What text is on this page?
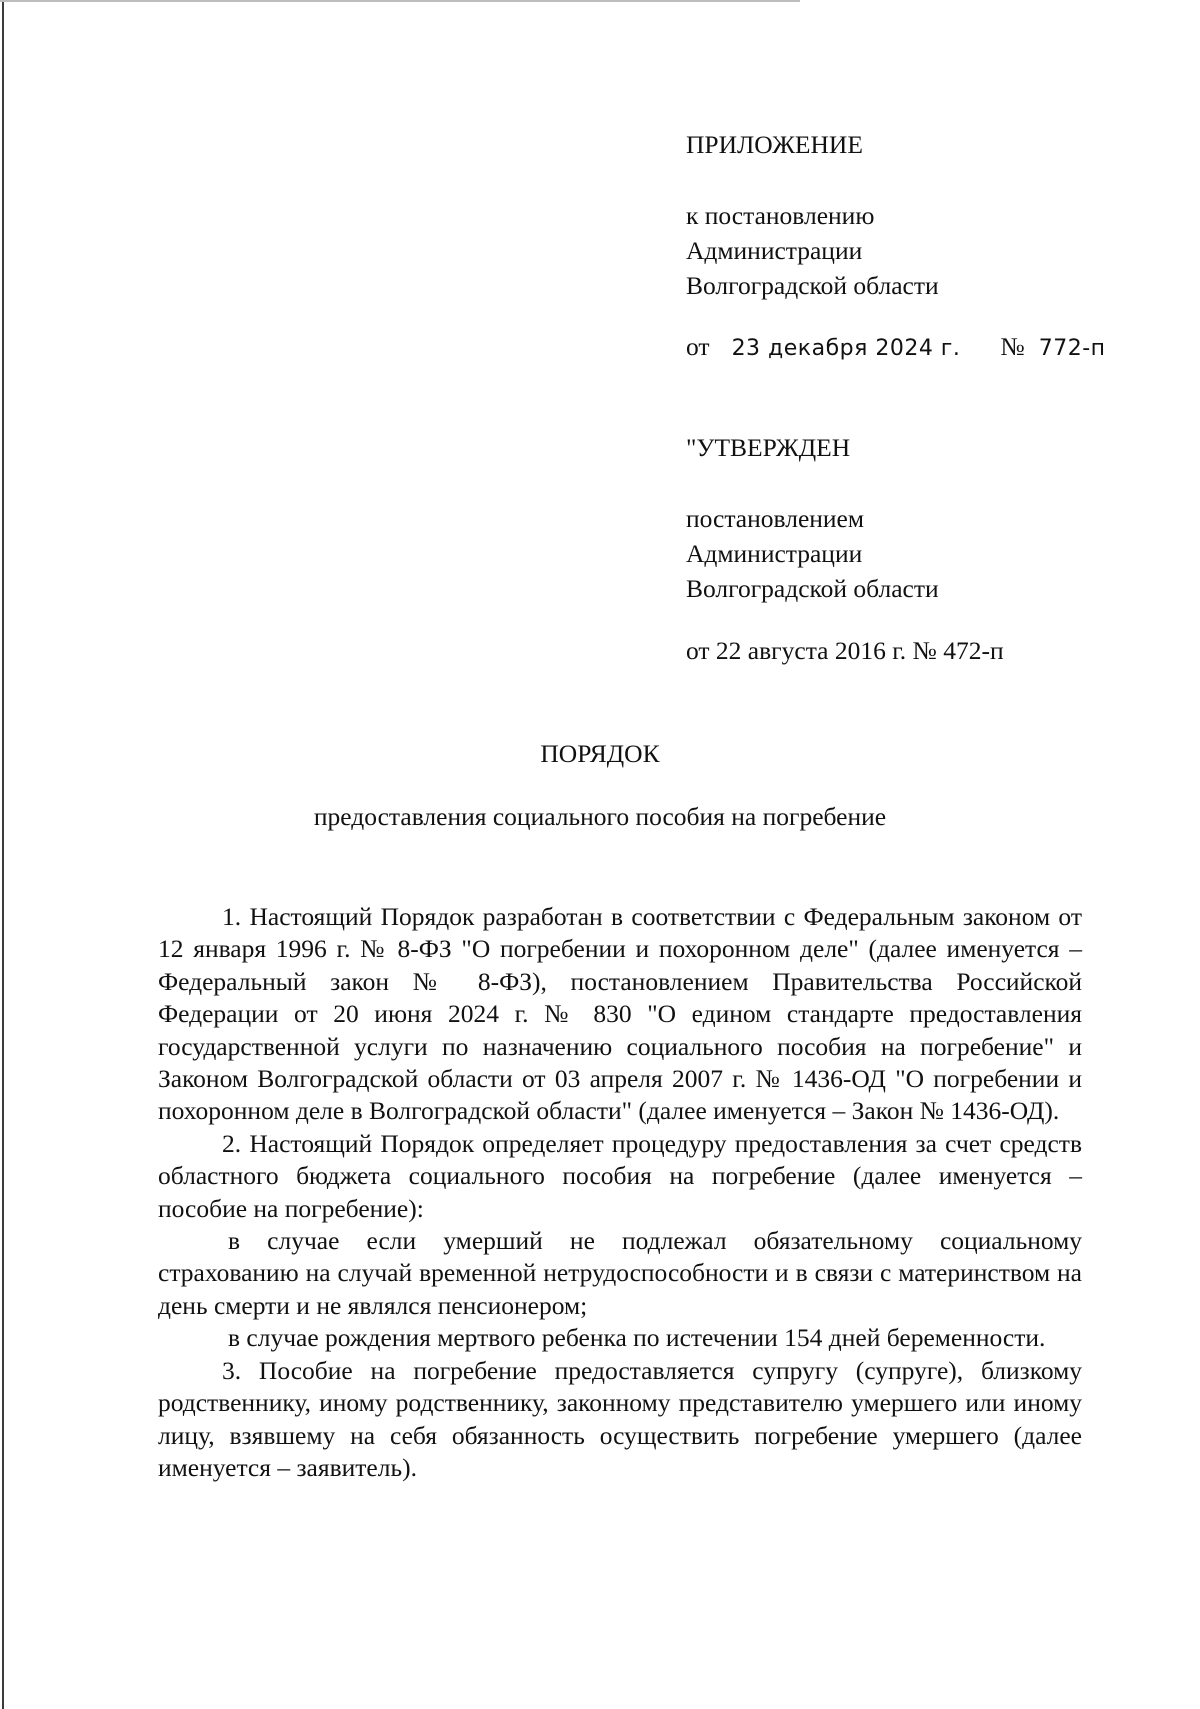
ПРИЛОЖЕНИЕ
к постановлению
Администрации
Волгоградской области
от 23 декабря 2024 г. № 772-п
"УТВЕРЖДЕН
постановлением
Администрации
Волгоградской области
от 22 августа 2016 г. № 472-п
ПОРЯДОК
предоставления социального пособия на погребение

1. Настоящий Порядок разработан в соответствии с Федеральным законом от 12 января 1996 г. № 8-ФЗ "О погребении и похоронном деле" (далее именуется – Федеральный закон № 8-ФЗ), постановлением Правительства Российской Федерации от 20 июня 2024 г. № 830 "О едином стандарте предоставления государственной услуги по назначению социального пособия на погребение" и Законом Волгоградской области от 03 апреля 2007 г. № 1436-ОД "О погребении и похоронном деле в Волгоградской области" (далее именуется – Закон № 1436-ОД).

2. Настоящий Порядок определяет процедуру предоставления за счет средств областного бюджета социального пособия на погребение (далее именуется – пособие на погребение):

в случае если умерший не подлежал обязательному социальному страхованию на случай временной нетрудоспособности и в связи с материнством на день смерти и не являлся пенсионером;

в случае рождения мертвого ребенка по истечении 154 дней беременности.

3. Пособие на погребение предоставляется супругу (супруге), близкому родственнику, иному родственнику, законному представителю умершего или иному лицу, взявшему на себя обязанность осуществить погребение умершего (далее именуется – заявитель).
